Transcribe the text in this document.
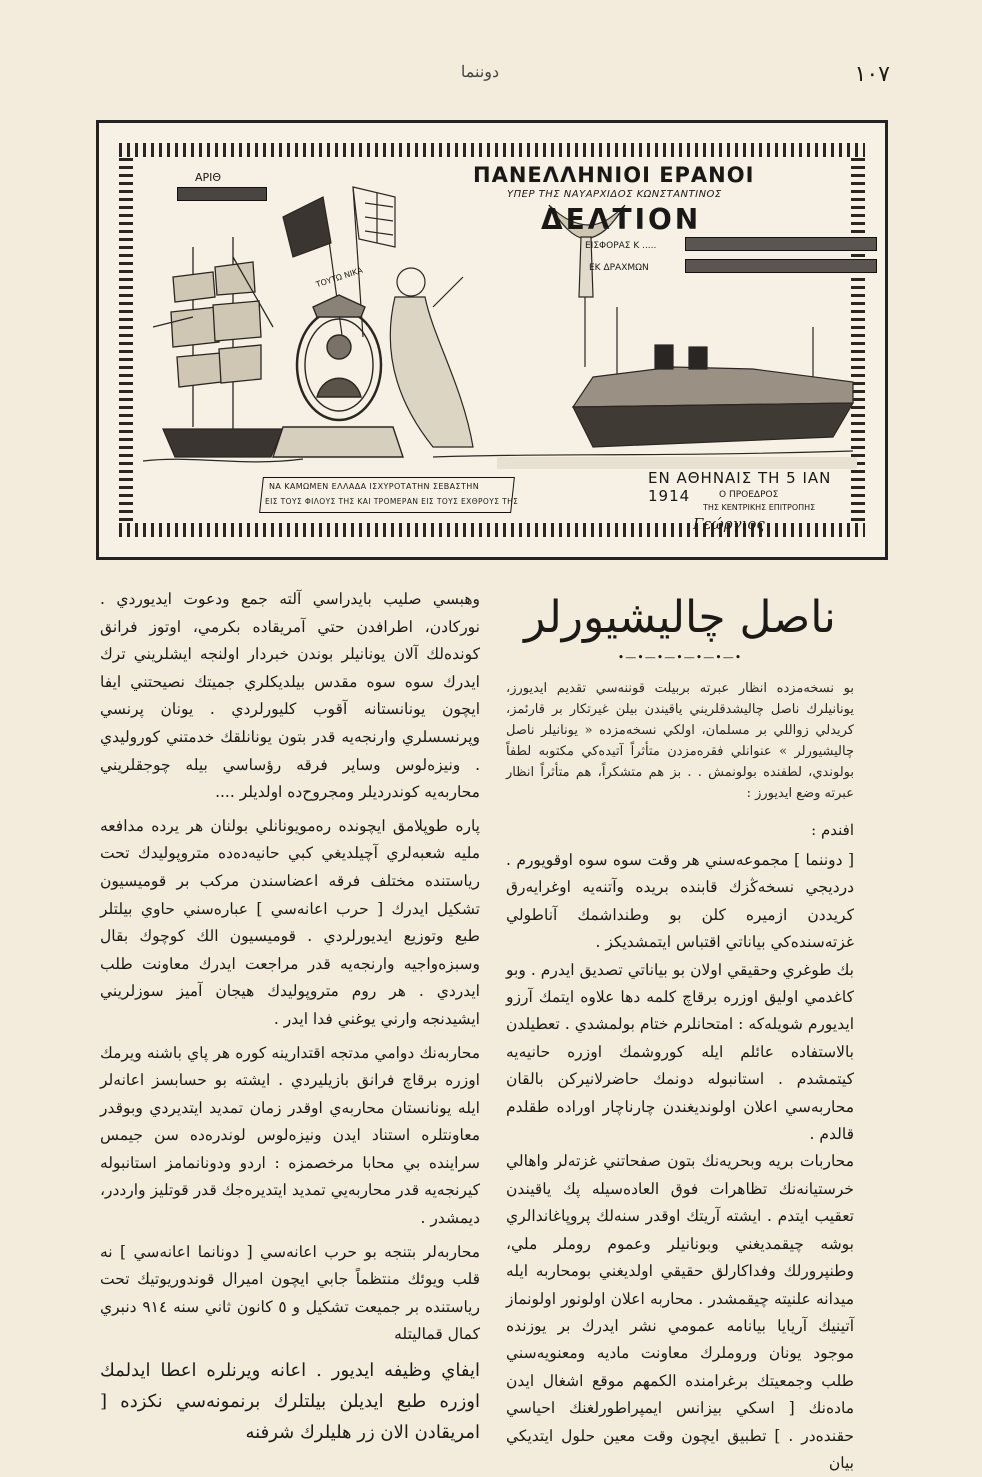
١٠٧
دوننما
ΠΑΝΕΛΛΗΝΙΟΙ ΕΡΑΝΟΙ
ΥΠΕΡ ΤΗΣ ΝΑΥΑΡΧΙΔΟΣ ΚΩΝΣΤΑΝΤΙΝΟΣ
ΔΕΛΤΙΟΝ
ΑΡΙΘ
ΕΙΣΦΟΡΑΣ Κ .....
ΕΚ ΔΡΑΧΜΩΝ
ΤΟΥΤΩ ΝΙΚΑ
ΝΑ ΚΑΜΩΜΕΝ ΕΛΛΑΔΑ ΙΣΧΥΡΟΤΑΤΗΝ ΣΕΒΑΣΤΗΝ
ΕΙΣ ΤΟΥΣ ΦΙΛΟΥΣ ΤΗΣ ΚΑΙ ΤΡΟΜΕΡΑΝ ΕΙΣ ΤΟΥΣ ΕΧΘΡΟΥΣ ΤΗΣ
ΕΝ ΑΘΗΝΑΙΣ ΤΗ 5 ΙΑΝ 1914	Ο ΠΡΟΕΔΡΟΣ
ΤΗΣ ΚΕΝΤΡΙΚΗΣ ΕΠΙΤΡΟΠΗΣ
Γεώργιος
ناصل چاليشيورلر
•—•—•—•—•—•—•

بو نسخه‌مزده انظار عبرته بربيلت قوننه‌سي تقديم ايديورز، يونانيلرك ناصل چاليشدقلريني ياقيندن بيلن غيرتكار بر قارئمز، كريدلي زواللي بر مسلمان، اولكي نسخه‌مزده « يونانيلر ناصل چاليشيورلر » عنوانلي فقره‌مزدن متأثراً آتيده‌كي مكتوبه لطفاً بولوندي، لطفنده بولونمش . . بز هم متشكراً، هم متأثراً انظار عبرته وضع ايديورز :

افندم :

[ دوننما ] مجموعه‌سني هر وقت سوه سوه اوقويورم . درديجي نسخه‌ڭزك قابنده بريده وآتنه‌يه اوغرايه‌رق كريددن ازميره كلن بو وطنداشمك آناطولي غزته‌سنده‌كي بياناتي اقتباس ايتمشديكز .

بك طوغري وحقيقي اولان بو بياناتي تصديق ايدرم . وبو كاغدمي اوليق اوزره برقاچ كلمه دها علاوه ايتمك آرزو ايديورم شويله‌كه : امتحانلرم ختام بولمشدي . تعطيلدن بالاستفاده عائلم ايله كوروشمك اوزره حانيه‌يه كيتمشدم . استانبوله دونمك حاضرلانيركن بالقان محاربه‌سي اعلان اولونديغندن چارناچار اوراده طقلدم قالدم .

محاربات بريه وبحريه‌نك بتون صفحاتني غزته‌لر واهالي خرستيانه‌نك تظاهرات فوق العاده‌سيله پك ياقيندن تعقيب ايتدم . ايشته آريتك اوقدر سنه‌لك پروپاغاندالري بوشه چيقمديغني وبونانيلر وعموم روملر ملي، وطنپرورلك وفداكارلق حقيقي اولديغني بومحاربه ايله ميدانه علنيته چيقمشدر . محاربه اعلان اولونور اولونماز آتينيك آريايا بيانامه عمومي نشر ايدرك بر يوزنده موجود يونان وروملرك معاونت ماديه ومعنويه‌سني طلب وجمعيتك برغرامنده الكمهم موقع اشغال ايدن ماده‌نك [ اسكي بيزانس ايمپراطورلغنك احياسي حقنده‌در . ] تطبيق ايچون وقت معين حلول ايتديكي بيان

وهبسي صليب بايدراسي آلته جمع ودعوت ايديوردي . نوركادن، اطرافدن حتي آمريقاده بكرمي، اوتوز فرانق كونده‌لك آلان يونانيلر بوندن خبردار اولنجه ايشلريني ترك ايدرك سوه سوه مقدس بيلديكلري جميتك نصيحتني ايفا ايچون يونانستانه آقوب كليورلردي . يونان پرنسي وپرنسسلري وارنجه‌يه قدر بتون يونانلقك خدمتني كوروليدي . ونيزه‌لوس وساير فرقه رؤساسي بيله چوجقلريني محاربه‌يه كوندرديلر ومجروح‌ده اولديلر ....

پاره طوپلامق ايچونده ره‌مويونانلي بولنان هر يرده مدافعه مليه شعبه‌لري آچيلديغي كبي حانيه‌ده‌ده متروپوليدك تحت رياستنده مختلف فرقه اعضاسندن مركب بر قوميسيون تشكيل ايدرك [ حرب اعانه‌سي ] عباره‌سني حاوي بيلتلر طبع وتوزيع ايديورلردي . قوميسيون الك كوچوك بقال وسبزه‌واجيه وارنجه‌يه قدر مراجعت ايدرك معاونت طلب ايدردي . هر روم متروپوليدك هيجان آميز سوزلريني ايشيدنجه وارني يوغني فدا ايدر .

محاربه‌نك دوامي مدتجه اقتدارينه كوره هر پاي باشنه ويرمك اوزره برقاچ فرانق بازيليردي . ايشته بو حسابسز اعانه‌لر ايله يونانستان محاربه‌ي اوقدر زمان تمديد ايتديردي وبوقدر معاونتلره استناد ايدن ونيزه‌لوس لوندره‌ده سن جيمس سراينده بي محابا مرخصمزه : اردو ودونانمامز استانبوله كيرنجه‌يه قدر محاربه‌يي تمديد ايتديره‌جك قدر قوتليز وارددر، ديمشدر .

محاربه‌لر بتنجه بو حرب اعانه‌سي [ دونانما اعانه‌سي ] نه قلب ويوئك منتظماً جابي ايچون اميرال قوندوريوتيك تحت رياستنده بر جميعت تشكيل و ٥ كانون ثاني سنه ٩١٤ دنبري كمال قماليتله

ايفاي وظيفه ايديور . اعانه ويرنلره اعطا ايدلمك اوزره طبع ايديلن بيلتلرك برنمونه‌سي نكزده [ امريقادن الان زر هليلرك شرفنه
